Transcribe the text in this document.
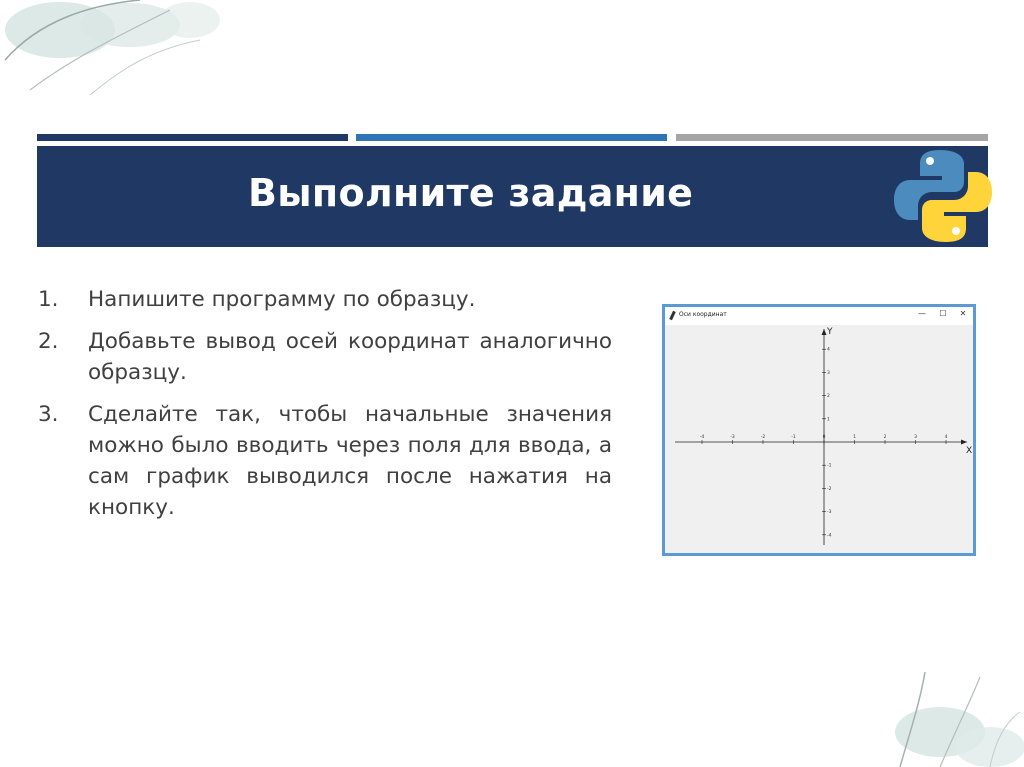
Выполните задание
1. Напишите программу по образцу.
2. Добавьте вывод осей координат аналогично образцу.
3. Сделайте так, чтобы начальные значения можно было вводить через поля для ввода, а сам график выводился после нажатия на кнопку.
Оси координат	—	☐	✕
X
Y
-4	-3	-2	-1	0	1	2	3	4
4
3
2
1
-1
-2
-3
-4
